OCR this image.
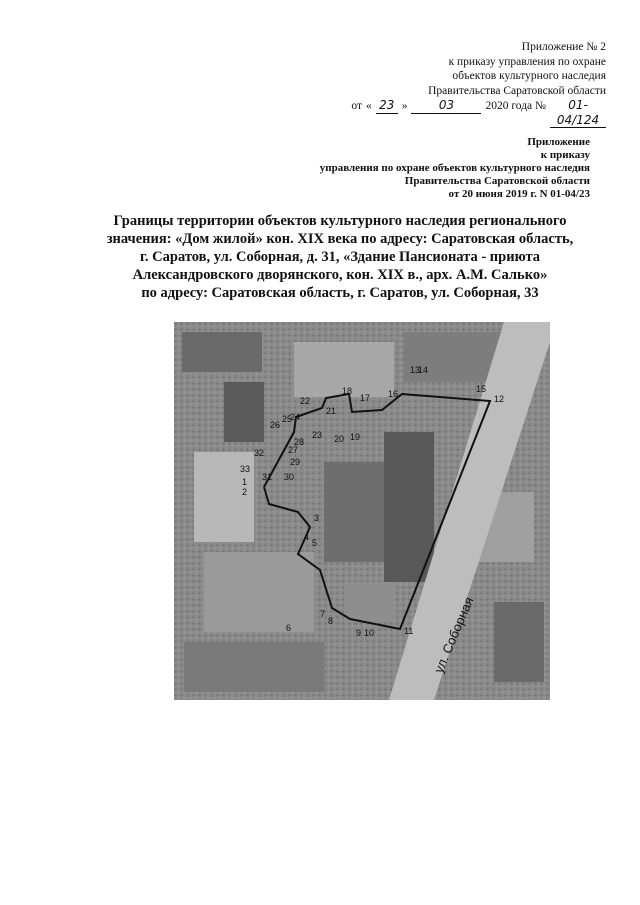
Приложение № 2
к приказу управления по охране
объектов культурного наследия
Правительства Саратовской области
от « 23 »	03	2020 года №	01-04/124
Приложение
к приказу
управления по охране объектов культурного наследия
Правительства Саратовской области
от 20 июня 2019 г. N 01-04/23
Границы территории объектов культурного наследия регионального
значения: «Дом жилой» кон. XIX века по адресу: Саратовская область,
г. Саратов, ул. Соборная, д. 31, «Здание Пансионата - приюта
Александровского дворянского, кон. XIX в., арх. А.М. Салько»
по адресу: Саратовская область, г. Саратов, ул. Соборная, 33
ул. Соборная
1
2
3
4
5
6
7
8
9 10	11
12
13
14
15
16
17
18
19
20
21
22
23
24
25
26
27
28
29
30
31
32
33
